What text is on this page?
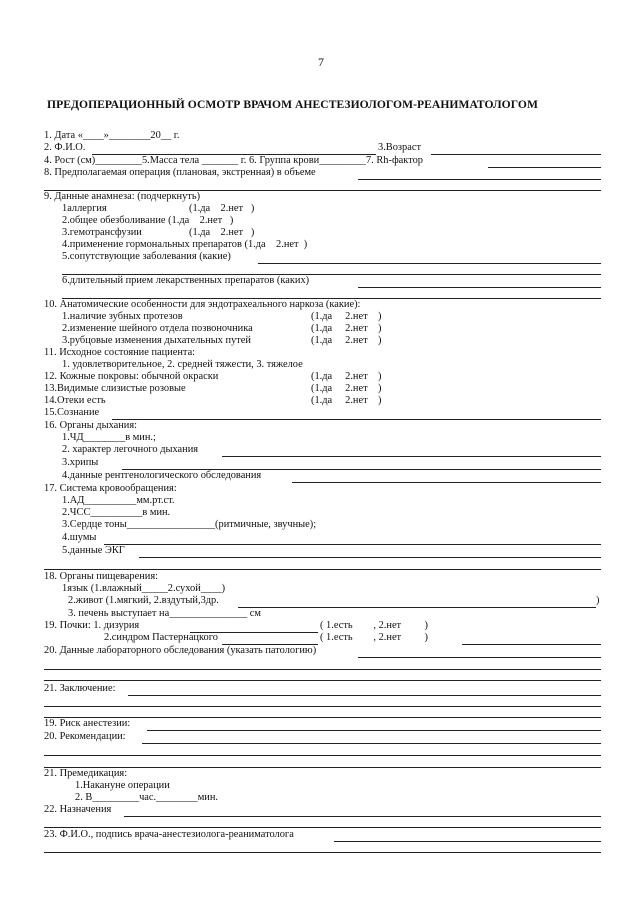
7
ПРЕДОПЕРАЦИОННЫЙ ОСМОТР ВРАЧОМ АНЕСТЕЗИОЛОГОМ-РЕАНИМАТОЛОГОМ
1. Дата «____»________20__ г.
2. Ф.И.О.	3.Возраст
4. Рост (см)_________5.Масса тела _______ г. 6. Группа крови_________7. Rh-фактор
8. Предполагаемая операция (плановая, экстренная) в объеме
9. Данные анамнеза: (подчеркнуть)
1аллергия	(1.да    2.нет   )
2.общее обезболивание (1.да    2.нет   )
3.гемотрансфузии	(1.да    2.нет   )
4.применение гормональных препаратов (1.да    2.нет  )
5.сопутствующие заболевания (какие)
6.длительный прием лекарственных препаратов (каких)
10. Анатомические особенности для эндотрахеального наркоза (какие):
1.наличие зубных протезов	(1.да     2.нет    )
2.изменение шейного отдела позвоночника	(1.да     2.нет    )
3.рубцовые изменения дыхательных путей	(1.да     2.нет    )
11. Исходное состояние пациента:
1. удовлетворительное, 2. средней тяжести, 3. тяжелое
12. Кожные покровы: обычной окраски	(1.да     2.нет    )
13.Видимые слизистые розовые	(1.да     2.нет    )
14.Отеки есть	(1.да     2.нет    )
15.Сознание
16. Органы дыхания:
1.ЧД________в мин.;
2. характер легочного дыхания
3.хрипы
4.данные рентгенологического обследования
17. Система кровообращения:
1.АД__________мм.рт.ст.
2.ЧСС__________в мин.
3.Сердце тоны_________________(ритмичные, звучные);
4.шумы
5.данные ЭКГ
18. Органы пищеварения:
1язык (1.влажный_____2.сухой____)
2.живот (1.мягкий, 2.вздутый,3др.	)
3. печень выступает на_______________ см
19. Почки: 1. дизурия	( 1.есть        , 2.нет         )
2.синдром Пастернацкого	( 1.есть        , 2.нет         )
20. Данные лабораторного обследования (указать патологию)
21. Заключение:
19. Риск анестезии:
20. Рекомендации:
21. Премедикация:
1.Накануне операции
2. В_________час.________мин.
22. Назначения
23. Ф.И.О., подпись врача-анестезиолога-реаниматолога
